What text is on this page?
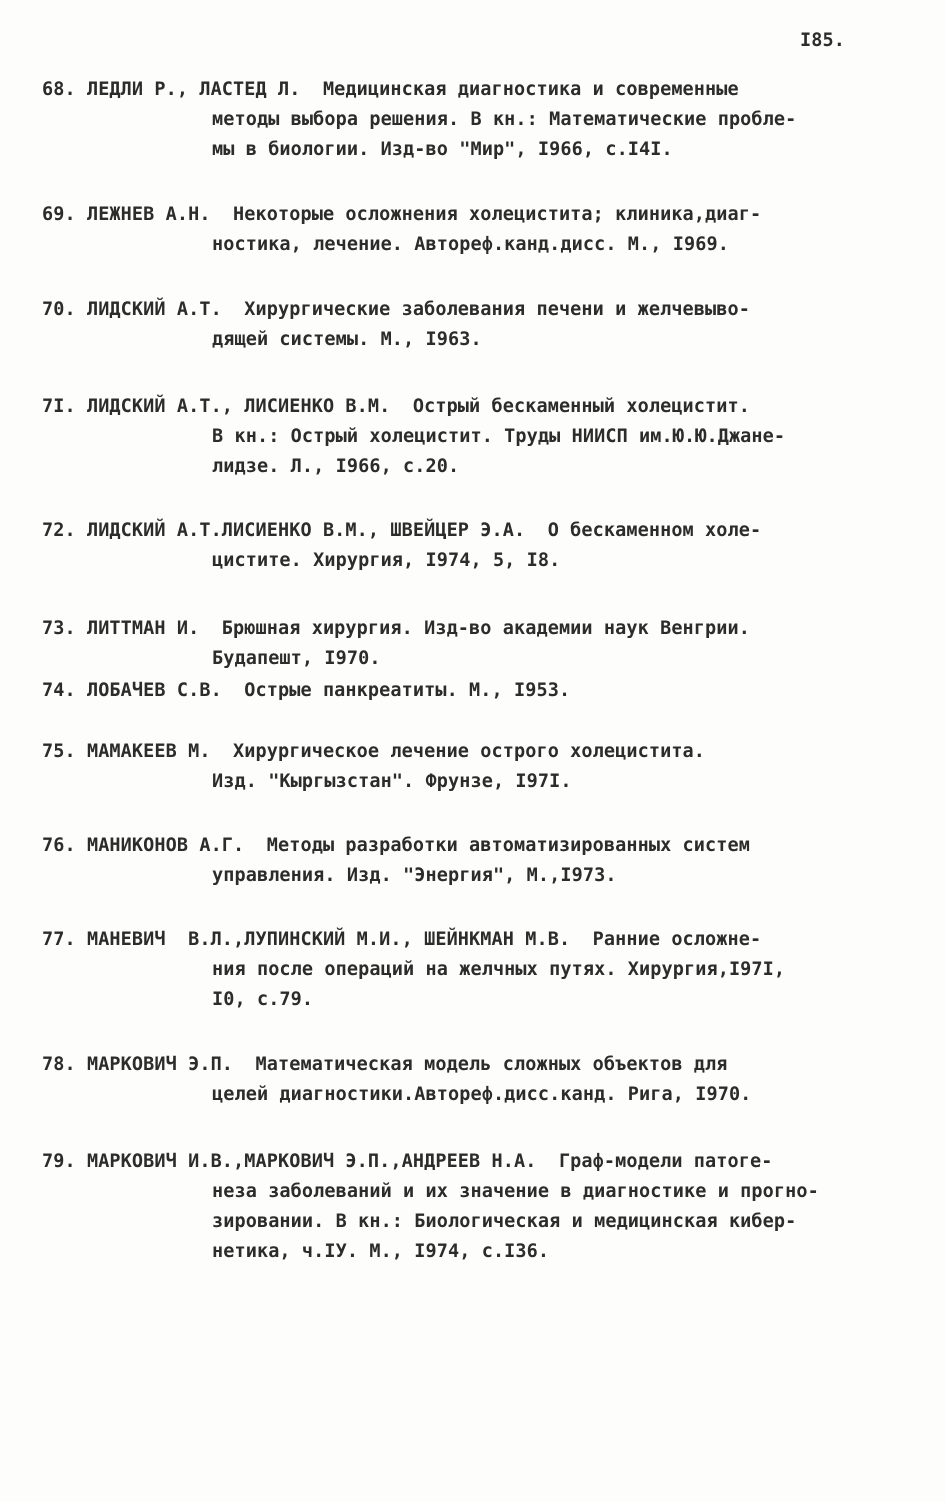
I85.
68. ЛЕДЛИ Р., ЛАСТЕД Л.  Медицинская диагностика и современные
методы выбора решения. В кн.: Математические пробле-
мы в биологии. Изд-во "Мир", I966, с.I4I.
69. ЛЕЖНЕВ А.Н.  Некоторые осложнения холецистита; клиника,диаг-
ностика, лечение. Автореф.канд.дисс. М., I969.
70. ЛИДСКИЙ А.Т.  Хирургические заболевания печени и желчевыво-
дящей системы. М., I963.
7I. ЛИДСКИЙ А.Т., ЛИСИЕНКО В.М.  Острый бескаменный холецистит.
В кн.: Острый холецистит. Труды НИИСП им.Ю.Ю.Джане-
лидзе. Л., I966, с.20.
72. ЛИДСКИЙ А.Т.ЛИСИЕНКО В.М., ШВЕЙЦЕР Э.А.  О бескаменном холе-
цистите. Хирургия, I974, 5, I8.
73. ЛИТТМАН И.  Брюшная хирургия. Изд-во академии наук Венгрии.
Будапешт, I970.
74. ЛОБАЧЕВ С.В.  Острые панкреатиты. М., I953.
75. МАМАКЕЕВ М.  Хирургическое лечение острого холецистита.
Изд. "Кыргызстан". Фрунзе, I97I.
76. МАНИКОНОВ А.Г.  Методы разработки автоматизированных систем
управления. Изд. "Энергия", М.,I973.
77. МАНЕВИЧ  В.Л.,ЛУПИНСКИЙ М.И., ШЕЙНКМАН М.В.  Ранние осложне-
ния после операций на желчных путях. Хирургия,I97I,
I0, с.79.
78. МАРКОВИЧ Э.П.  Математическая модель сложных объектов для
целей диагностики.Автореф.дисс.канд. Рига, I970.
79. МАРКОВИЧ И.В.,МАРКОВИЧ Э.П.,АНДРЕЕВ Н.А.  Граф-модели патоге-
неза заболеваний и их значение в диагностике и прогно-
зировании. В кн.: Биологическая и медицинская кибер-
нетика, ч.IУ. М., I974, с.I36.
